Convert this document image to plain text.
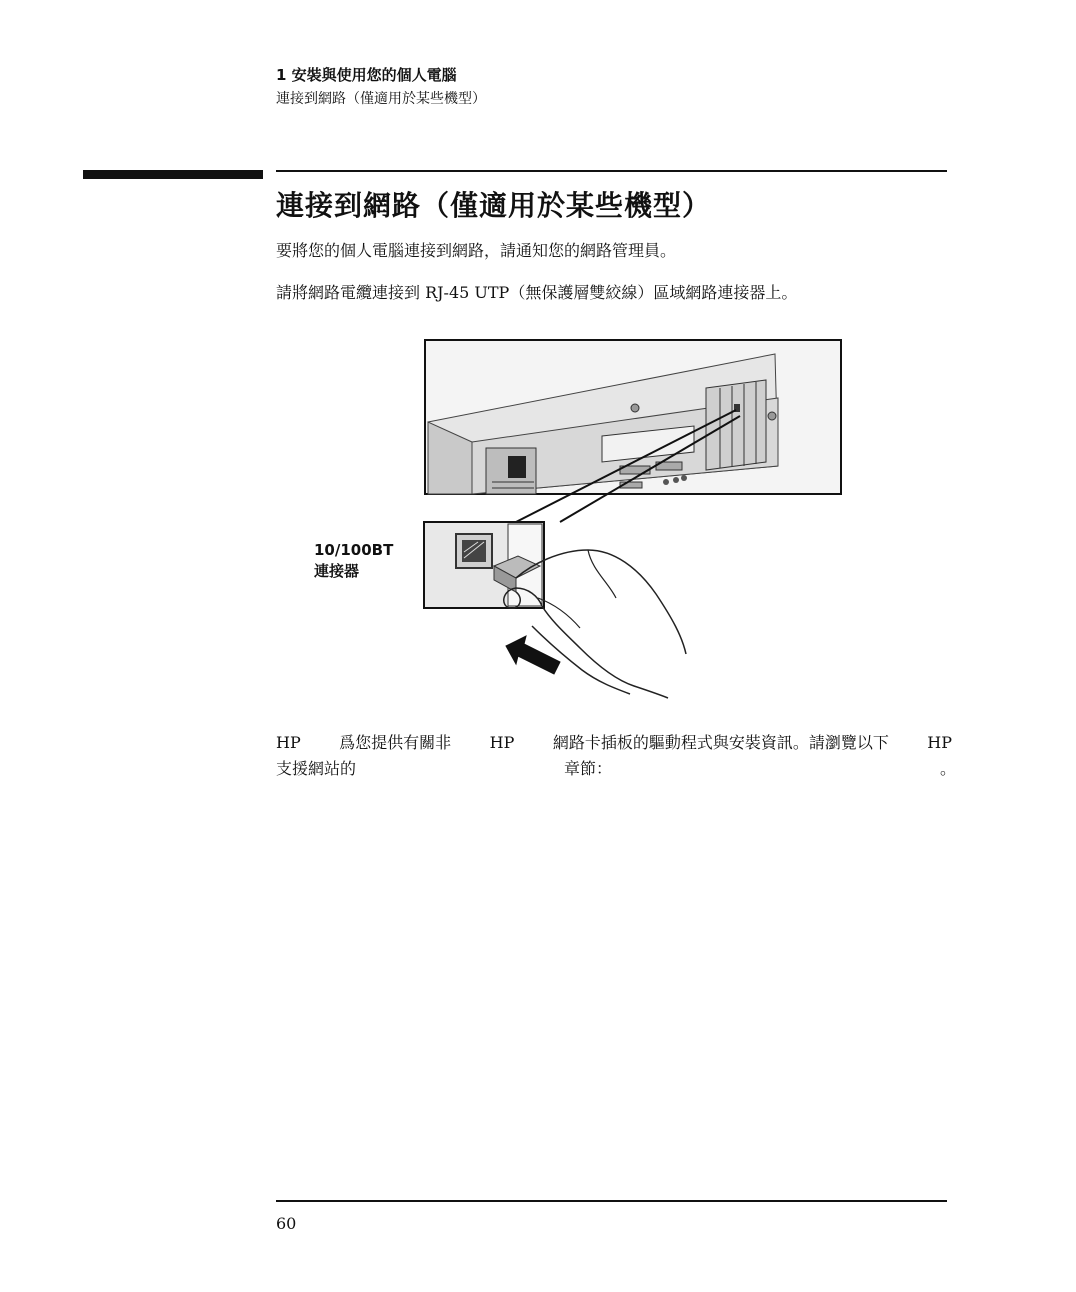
1 安裝與使用您的個人電腦
連接到網路（僅適用於某些機型）
連接到網路（僅適用於某些機型）
要將您的個人電腦連接到網路，請通知您的網路管理員。
請將網路電纜連接到 RJ-45 UTP（無保護層雙絞線）區域網路連接器上。
10/100BT
連接器
HP 爲您提供有關非 HP 網路卡插板的驅動程式與安裝資訊。請瀏覽以下 HP
支援網站的	章節：	。
60
